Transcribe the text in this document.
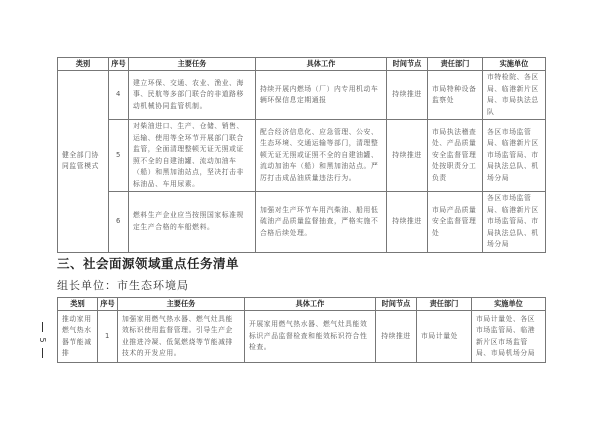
类别	序号	主要任务	具体工作	时间节点	责任部门	实施单位
健全部门协同监管模式	4	建立环保、交通、农业、渔业、海事、民航等多部门联合的非道路移动机械协同监管机制。	持续开展内燃场（厂）内专用机动车辆环保信息定期通报	持续推进	市局特种设备监察处	市特检院、各区局、临港新片区局、市局执法总队
	5	对柴油进口、生产、仓储、销售、运输、使用等全环节开展部门联合监管，全面清理整顿无证无照或证照不全的自建油罐、流动加油车（船）和黑加油站点，坚决打击非标油品、车用尿素。	配合经济信息化、应急管理、公安、生态环境、交通运输等部门，清理整顿无证无照或证照不全的自建油罐、流动加油车（船）和黑加油站点。严厉打击成品油质量违法行为。	持续推进	市局执法稽查处、产品质量安全监督管理处按职责分工负责	各区市场监管局、临港新片区市场监管局、市局执法总队、机场分局
	6	燃料生产企业应当按照国家标准规定生产合格的车船燃料。	加强对生产环节车用汽柴油、船用低硫油产品质量监督抽查，严格实施不合格后续处理。	持续推进	市局产品质量安全监督管理处	各区市场监管局、临港新片区市场监管局、市局执法总队、机场分局
三、社会面源领域重点任务清单
组长单位：市生态环境局
类别	序号	主要任务	具体工作	时间节点	责任部门	实施单位
推动家用燃气热水器节能减排	1	加强家用燃气热水器、燃气灶具能效标识使用监督管理。引导生产企业推进冷凝、低氮燃烧等节能减排技术的开发应用。	开展家用燃气热水器、燃气灶具能效标识产品监督检查和能效标识符合性检查。	持续推进	市局计量处	市局计量处、各区市场监管局、临港新片区市场监管局、市局机场分局
5
